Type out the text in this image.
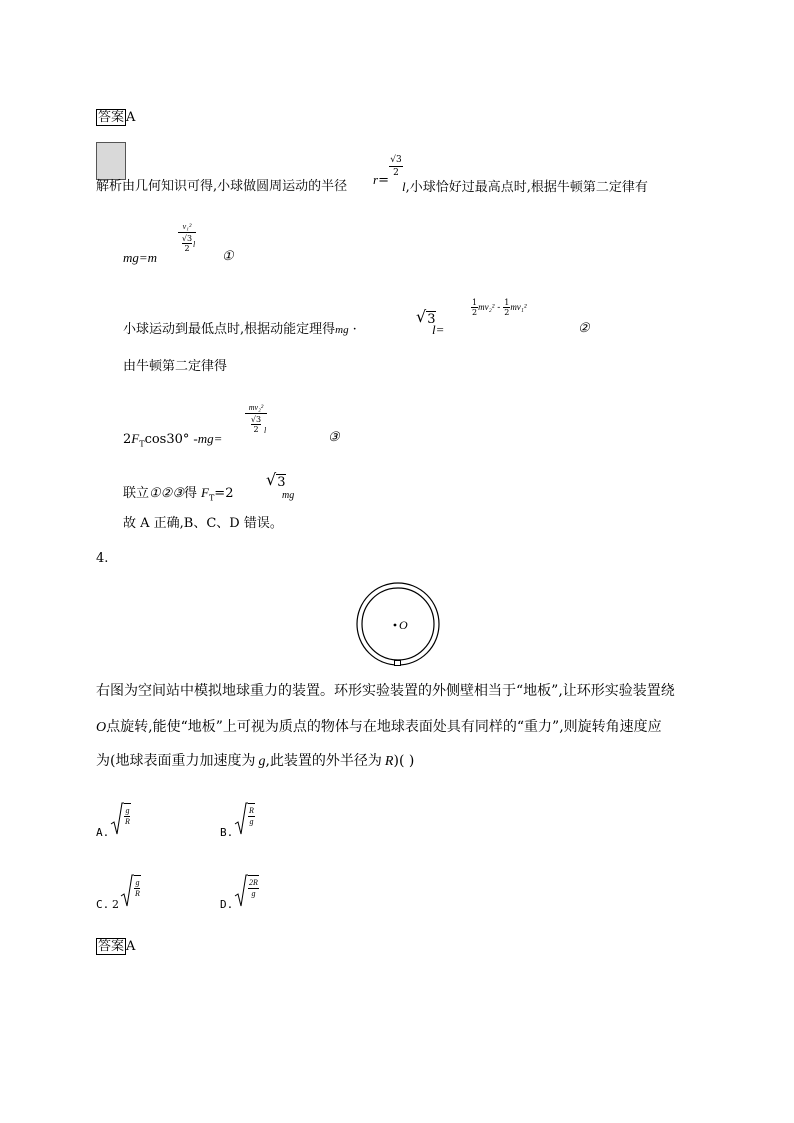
答案 A
解析由几何知识可得,小球做圆周运动的半径 r=
√3
2
l,小球恰好过最高点时,根据牛顿第二定律有
mg=m
v₁²
√3
2 l
①
小球运动到最低点时,根据动能定理得mg ·
√ 3
l=
$\frac{1}{2} mv_2^2 - \frac{1}{2} mv_1^2$
②
由牛顿第二定律得
$2F_T\cos 30^\circ$ -mg=
mv₂²
√3
2 l	③
联立①②③得 $F_T=2$
√ 3
mg
故 A 正确,B、C、D 错误。
4.
O
右图为空间站中模拟地球重力的装置。环形实验装置的外侧壁相当于“地板”,让环形实验装置绕
O点旋转,能使“地板”上可视为质点的物体与在地球表面处具有同样的“重力”,则旋转角速度应
为(地球表面重力加速度为 g,此装置的外半径为 R)( )
A.
$\frac{g}{R}$
B.
$\frac{R}{g}$
C. 2
$\frac{g}{R}$
D.
$\frac{2R}{g}$
答案 A
